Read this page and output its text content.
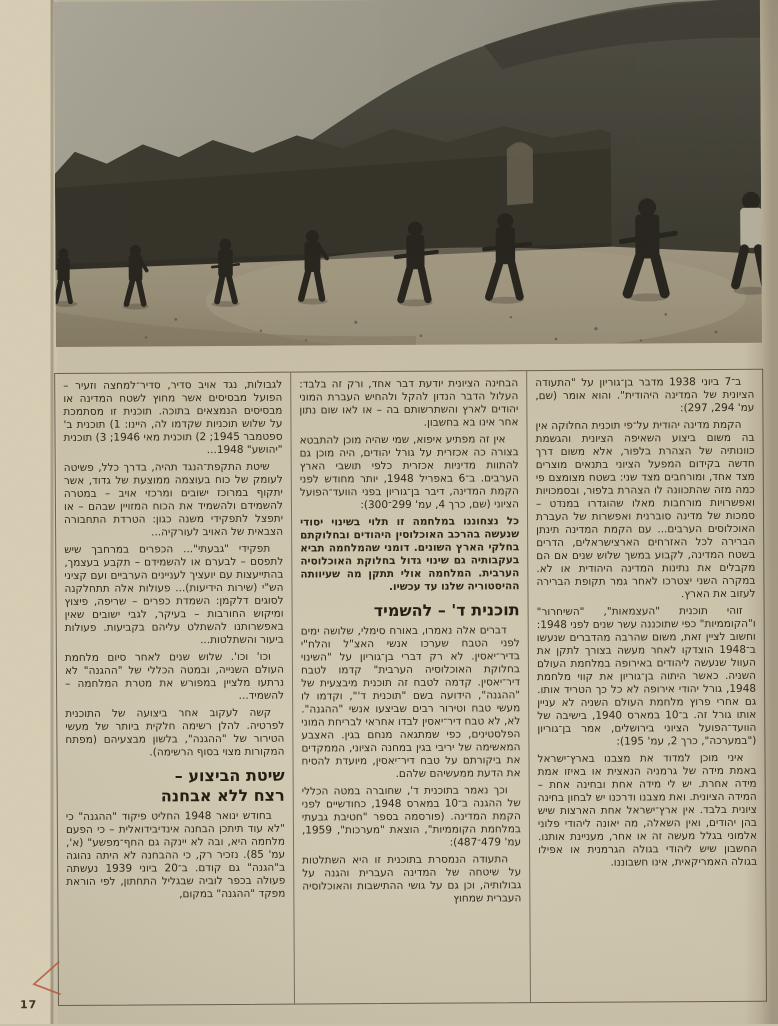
ב־7 ביוני 1938 מדבר בן־גוריון על "התעודה הציונית של המדינה היהודית". והוא אומר (שם, עמ' 294, 297):

הקמת מדינה יהודית על־פי תוכנית החלוקה אין בה משום ביצוע השאיפה הציונית והגשמת כוונותיה של הצהרת בלפור, אלא משום דרך חדשה בקידום המפעל הציוני בתנאים מוצרים מצד אחד, ומורחבים מצד שני: בשטח מצומצם פי כמה מזה שהתכוונה לו הצהרת בלפור, ובסמכויות ואפשרויות מורחבות מאלו שהוגדרו במנדט – סמכות של מדינה סוברנית ואפשרות של העברת האוכלוסים הערבים... עם הקמת המדינה תינתן הברירה לכל האזרחים הארצישראלים, הדרים בשטח המדינה, לקבוע במשך שלוש שנים אם הם מקבלים את נתינות המדינה היהודית או לא. במקרה השני יצטרכו לאחר גמר תקופת הברירה לעזוב את הארץ.

זוהי תוכנית "העצמאות", "השיחרור" ו"הקוממיות" כפי שתוכננה עשר שנים לפני 1948: וחשוב לציין זאת, משום שהרבה מהדברים שנעשו ב־1948 הוצדקו לאחר מעשה בצורך לתקן את העוול שנעשה ליהודים באירופה במלחמת העולם השניה. כאשר היתוה בן־גוריון את קווי מלחמת 1948, גורל יהודי אירופה לא כל כך הטריד אותו. גם אחרי פרוץ מלחמת העולם השניה לא עניין אותו גורל זה. ב־10 במארס 1940, בישיבה של הוועד־הפועל הציוני בירושלים, אמר בן־גוריון ("במערכה", כרך 2, עמ' 195):

איני מוכן למדוד את מצבנו בארץ־ישראל באמת מידה של גרמניה הנאצית או באיזו אמת מידה אחרת. יש לי מידה אחת ובחינה אחת – המידה הציונית. ואת מצבנו ודרכנו יש לבחון בחינה ציונית בלבד. אין ארץ־ישראל אחת הארצות שיש בהן יהודים, ואין השאלה, מה יאונה ליהודי פלוני אלמוני בגלל מעשה זה או אחר, מעניינת אותנו. החשבון שיש ליהודי בגולה הגרמנית או אפילו בגולה האמריקאית, אינו חשבוננו.

הבחינה הציונית יודעת דבר אחד, ורק זה בלבד: העלול הדבר הנדון להקל ולהחיש העברת המוני יהודים לארץ והשתרשותם בה – או לאו שום נתון אחר אינו בא בחשבון.

אין זה מפתיע איפוא, שמי שהיה מוכן להתבטא בצורה כה אכזרית על גורל יהודים, היה מוכן גם להתוות מדיניות אכזרית כלפי תושבי הארץ הערבים. ב־6 באפריל 1948, יותר מחודש לפני הקמת המדינה, דיבר בן־גוריון בפני הוועד־הפועל הציוני (שם, כרך 4, עמ' 299־300):

כל נצחוננו במלחמה זו תלוי בשינוי יסודי שנעשה בהרכב האוכלוסין היהודים ובחלוקתם בחלקי הארץ השונים. דומני שהמלחמה תביא בעקבותיה גם שינוי גדול בחלוקת האוכלוסיה הערבית. המלחמה אולי תתקן מה שעיוותה ההיסטוריה שלנו עד עכשיו.

תוכנית ד' – להשמיד

דברים אלה נאמרו, באורח סימלי, שלושה ימים לפני הטבח שערכו אנשי האצ"ל והלח"י בדיר־יאסין. לא רק דברי בן־גוריון על "השינוי בחלוקת האוכלוסיה הערבית" קדמו לטבח דיר־יאסין. קדמה לטבח זה תוכנית מיבצעית של "ההגנה", הידועה בשם "תוכנית ד'", וקדמו לו מעשי טבח וטירור רבים שביצעו אנשי "ההגנה". לא, לא טבח דיר־יאסין לבדו אחראי לבריחת המוני הפלסטינים, כפי שמתגאה מנחם בגין. האצבע המאשימה של יריבי בגין במחנה הציוני, הממקדים את ביקורתם על טבח דיר־יאסין, מיועדת להסיח את הדעת ממעשיהם שלהם.

וכך נאמר בתוכנית ד', שחוברה במטה הכללי של ההגנה ב־10 במארס 1948, כחודשיים לפני הקמת המדינה. (פורסמה בספר "חטיבת גבעתי במלחמת הקוממיות", הוצאת "מערכות", 1959, עמ' 479־487):

התעודה הנמסרת בתוכנית זו היא השתלטות על שיטחה של המדינה העברית והגנה על גבולותיה, וכן גם על גושי ההתישבות והאוכלוסיה העברית שמחוץ

לגבולות, נגד אויב סדיר, סדיר־למחצה וזעיר – הפועל מבסיסים אשר מחוץ לשטח המדינה או מבסיסים הנמצאים בתוכה. תוכנית זו מסתמכת על שלוש תוכניות שקדמו לה, היינו: 1) תוכנית ב' ספטמבר 1945; 2) תוכנית מאי 1946; 3) תוכנית "יהושע" 1948...

שיטת התקפת־הנגד תהיה, בדרך כלל, פשיטה לעומק של כוח בעוצמה ממוצעת של גדוד, אשר יתקוף במרוכז ישובים ומרכזי אויב – במטרה להשמידם ולהשמיד את הכוח המזויין שבהם – או יתפצל לתפקידי משנה כגון: הטרדת התחבורה הצבאית של האויב לעורקיה...

תפקידי "גבעתי"... הכפרים במרחבך שיש לתפסם – לבערם או להשמידם – תקבע בעצמך, בהתייעצות עם יועציך לעניינים הערביים ועם קציני הש"י (שירות הידיעות)... פעולות אלה תתחלקנה לסוגים דלקמן: השמדת כפרים – שריפה, פיצוץ ומיקוש החורבות – בעיקר, לגבי ישובים שאין באפשרותנו להשתלט עליהם בקביעות. פעולות ביעור והשתלטות...

וכו' וכו'. שלוש שנים לאחר סיום מלחמת העולם השנייה, ובמטה הכללי של "ההגנה" לא נרתעו מלציין במפורש את מטרת המלחמה – להשמיד...

קשה לעקוב אחר ביצועה של התוכנית לפרטיה. להלן רשימה חלקית ביותר של מעשי הטירור של "ההגנה", בלשון מבצעיהם (מפתח המקורות מצוי בסוף הרשימה).

שיטת הביצוע –
רצח ללא אבחנה

בחודש ינואר 1948 החליט פיקוד "ההגנה" כי "לא עוד תיתכן הבחנה אינדיבידואלית – כי הפעם מלחמה היא, ובה לא יינקה גם החף־מפשע" (א', עמ' 85). נזכיר רק, כי ההבחנה לא היתה נהוגה ב"הגנה" גם קודם. ב־20 ביוני 1939 נעשתה פעולה בכפר לוביה שבגליל התחתון, לפי הוראת מפקד "ההגנה" במקום,

17
